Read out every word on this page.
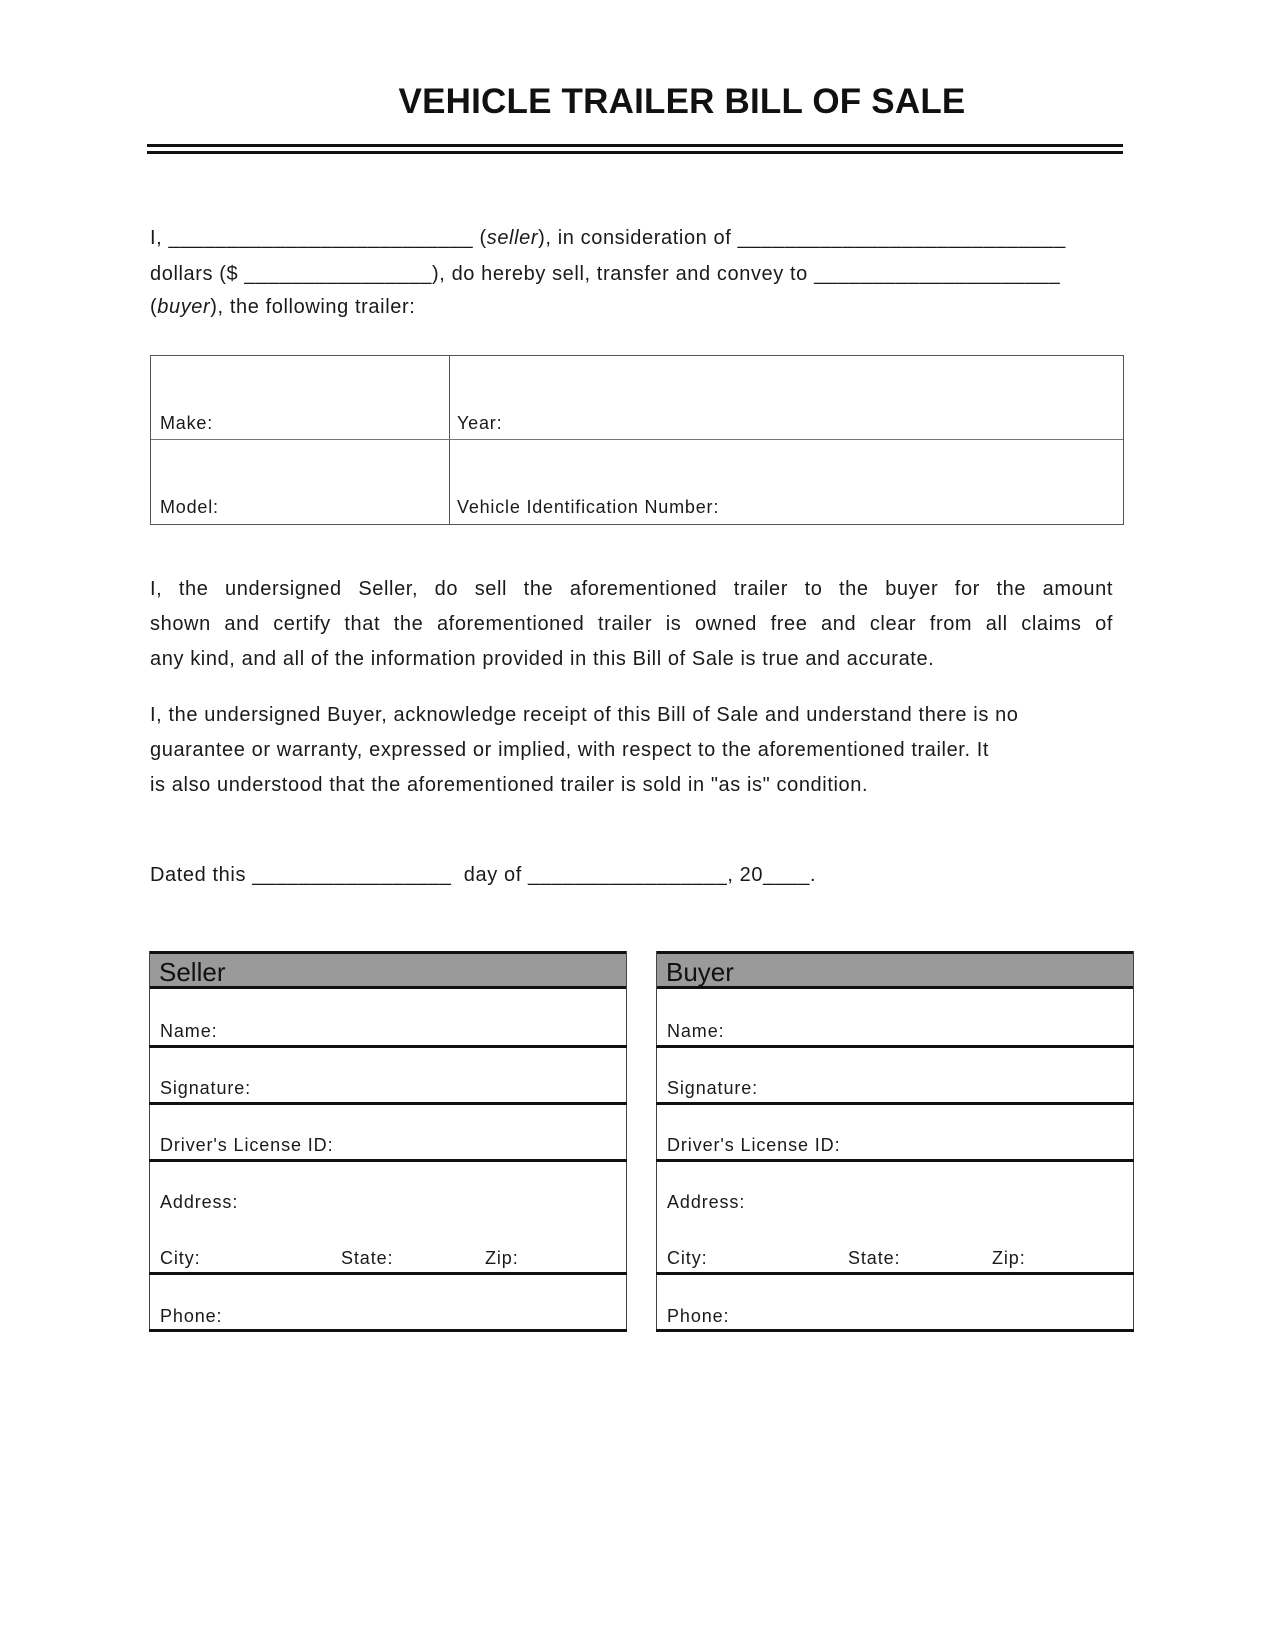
VEHICLE TRAILER BILL OF SALE
I, __________________________ (seller), in consideration of ____________________________
dollars ($ ________________), do hereby sell, transfer and convey to _____________________
(buyer), the following trailer:
Make:	Year:
Model:	Vehicle Identification Number:
I, the undersigned Seller, do sell the aforementioned trailer to the buyer for the amount
shown and certify that the aforementioned trailer is owned free and clear from all claims of
any kind, and all of the information provided in this Bill of Sale is true and accurate.
I, the undersigned Buyer, acknowledge receipt of this Bill of Sale and understand there is no
guarantee or warranty, expressed or implied, with respect to the aforementioned trailer. It
is also understood that the aforementioned trailer is sold in "as is" condition.
Dated this _________________  day of _________________, 20____.
Seller
Name:
Signature:
Driver's License ID:
Address:
City:	State:	Zip:
Phone:
Buyer
Name:
Signature:
Driver's License ID:
Address:
City:	State:	Zip:
Phone:
